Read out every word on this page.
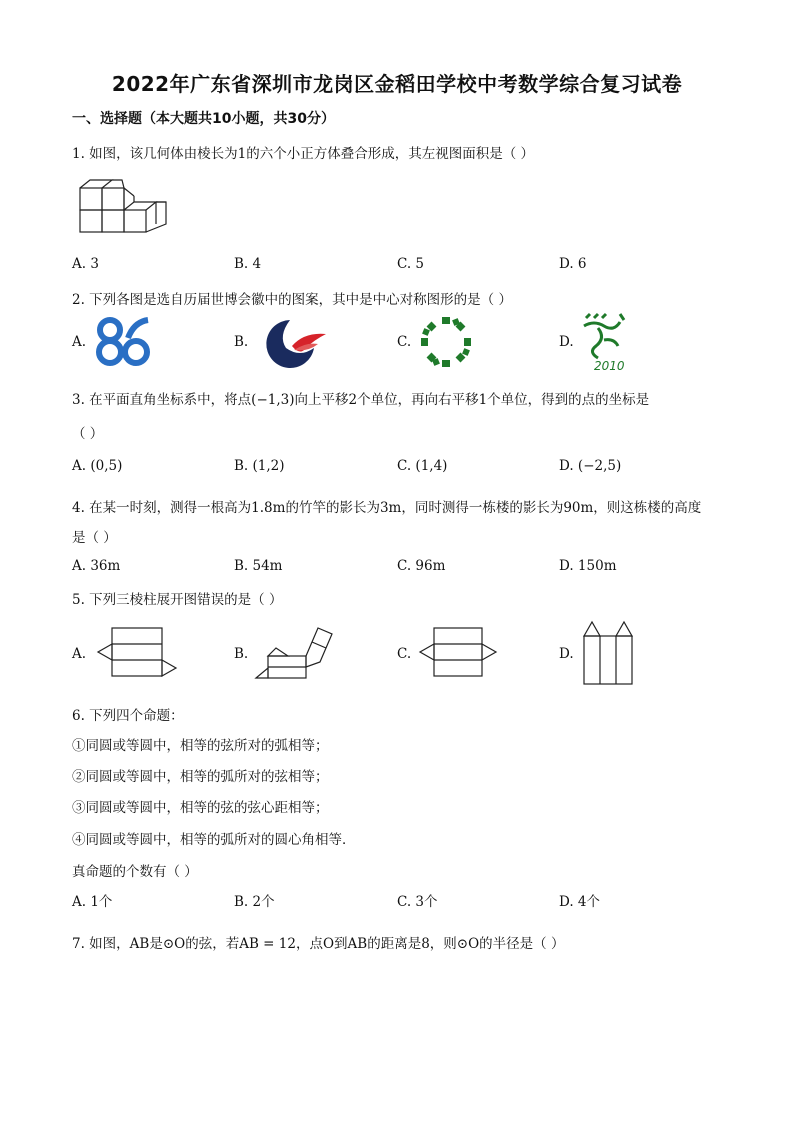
2022年广东省深圳市龙岗区金稻田学校中考数学综合复习试卷
一、选择题（本大题共10小题，共30分）
1. 如图，该几何体由棱长为1的六个小正方体叠合形成，其左视图面积是（ ）
A. 3	B. 4	C. 5	D. 6
2. 下列各图是选自历届世博会徽中的图案，其中是中心对称图形的是（ ）
A.	B.	C.	D.
2010
3. 在平面直角坐标系中，将点(−1,3)向上平移2个单位，再向右平移1个单位，得到的点的坐标是
（ ）
A. (0,5)	B. (1,2)	C. (1,4)	D. (−2,5)
4. 在某一时刻，测得一根高为1.8m的竹竿的影长为3m，同时测得一栋楼的影长为90m，则这栋楼的高度
是（ ）
A. 36m	B. 54m	C. 96m	D. 150m
5. 下列三棱柱展开图错误的是（ ）
A.	B.	C.	D.
6. 下列四个命题：
①同圆或等圆中，相等的弦所对的弧相等；
②同圆或等圆中，相等的弧所对的弦相等；
③同圆或等圆中，相等的弦的弦心距相等；
④同圆或等圆中，相等的弧所对的圆心角相等．
真命题的个数有（ ）
A. 1个	B. 2个	C. 3个	D. 4个
7. 如图，AB是⊙O的弦，若AB = 12，点O到AB的距离是8，则⊙O的半径是（ ）
